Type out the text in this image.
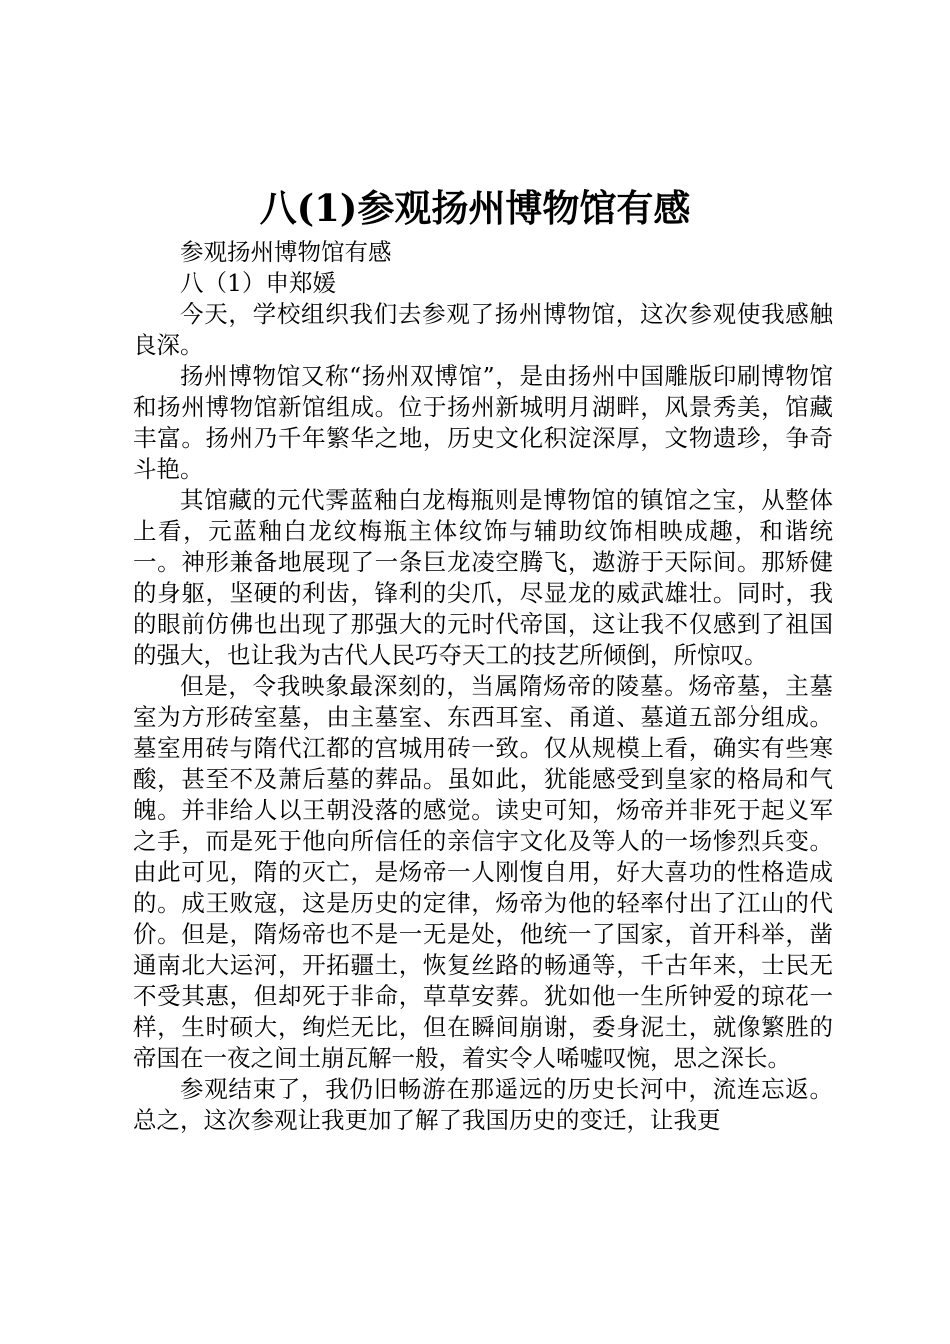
八(1)参观扬州博物馆有感

参观扬州博物馆有感

八（1）申郑媛

今天，学校组织我们去参观了扬州博物馆，这次参观使我感触良深。

扬州博物馆又称“扬州双博馆”，是由扬州中国雕版印刷博物馆和扬州博物馆新馆组成。位于扬州新城明月湖畔，风景秀美，馆藏丰富。扬州乃千年繁华之地，历史文化积淀深厚，文物遗珍，争奇斗艳。

其馆藏的元代霁蓝釉白龙梅瓶则是博物馆的镇馆之宝，从整体上看，元蓝釉白龙纹梅瓶主体纹饰与辅助纹饰相映成趣，和谐统一。神形兼备地展现了一条巨龙凌空腾飞，遨游于天际间。那矫健的身躯，坚硬的利齿，锋利的尖爪，尽显龙的威武雄壮。同时，我的眼前仿佛也出现了那强大的元时代帝国，这让我不仅感到了祖国的强大，也让我为古代人民巧夺天工的技艺所倾倒，所惊叹。

但是，令我映象最深刻的，当属隋炀帝的陵墓。炀帝墓，主墓室为方形砖室墓，由主墓室、东西耳室、甬道、墓道五部分组成。墓室用砖与隋代江都的宫城用砖一致。仅从规模上看，确实有些寒酸，甚至不及萧后墓的葬品。虽如此，犹能感受到皇家的格局和气魄。并非给人以王朝没落的感觉。读史可知，炀帝并非死于起义军之手，而是死于他向所信任的亲信宇文化及等人的一场惨烈兵变。由此可见，隋的灭亡，是炀帝一人刚愎自用，好大喜功的性格造成的。成王败寇，这是历史的定律，炀帝为他的轻率付出了江山的代价。但是，隋炀帝也不是一无是处，他统一了国家，首开科举，凿通南北大运河，开拓疆土，恢复丝路的畅通等，千古年来，士民无不受其惠，但却死于非命，草草安葬。犹如他一生所钟爱的琼花一样，生时硕大，绚烂无比，但在瞬间崩谢，委身泥土，就像繁胜的帝国在一夜之间土崩瓦解一般，着实令人唏嘘叹惋，思之深长。

参观结束了，我仍旧畅游在那遥远的历史长河中，流连忘返。总之，这次参观让我更加了解了我国历史的变迁，让我更
